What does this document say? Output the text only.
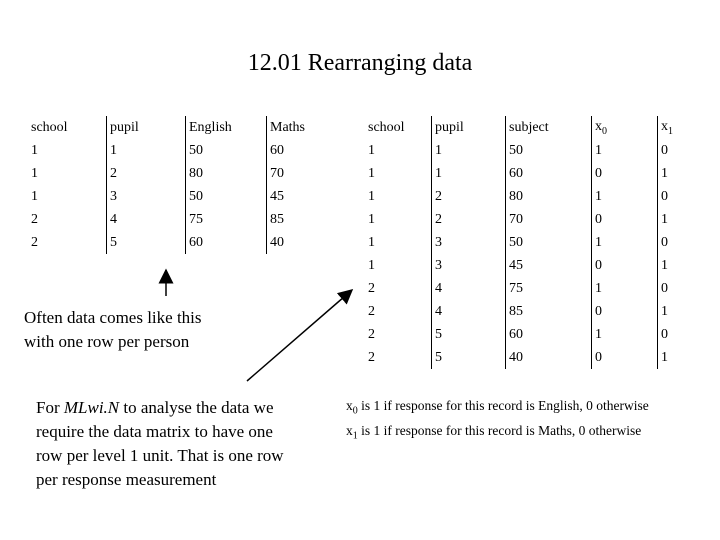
12.01 Rearranging data
school	pupil	English	Maths
1	1	50	60
1	2	80	70
1	3	50	45
2	4	75	85
2	5	60	40
school	pupil	subject	$x_0$	$x_1$
1	1	50	1	0
1	1	60	0	1
1	2	80	1	0
1	2	70	0	1
1	3	50	1	0
1	3	45	0	1
2	4	75	1	0
2	4	85	0	1
2	5	60	1	0
2	5	40	0	1
Often data comes like this
with one row per person
For MLwi.N to analyse the data we
require the data matrix to have one
row per level 1 unit. That is one row
per response measurement
$x_0$ is 1 if response for this record is English, 0 otherwise
$x_1$ is 1 if response for this record is Maths, 0 otherwise
